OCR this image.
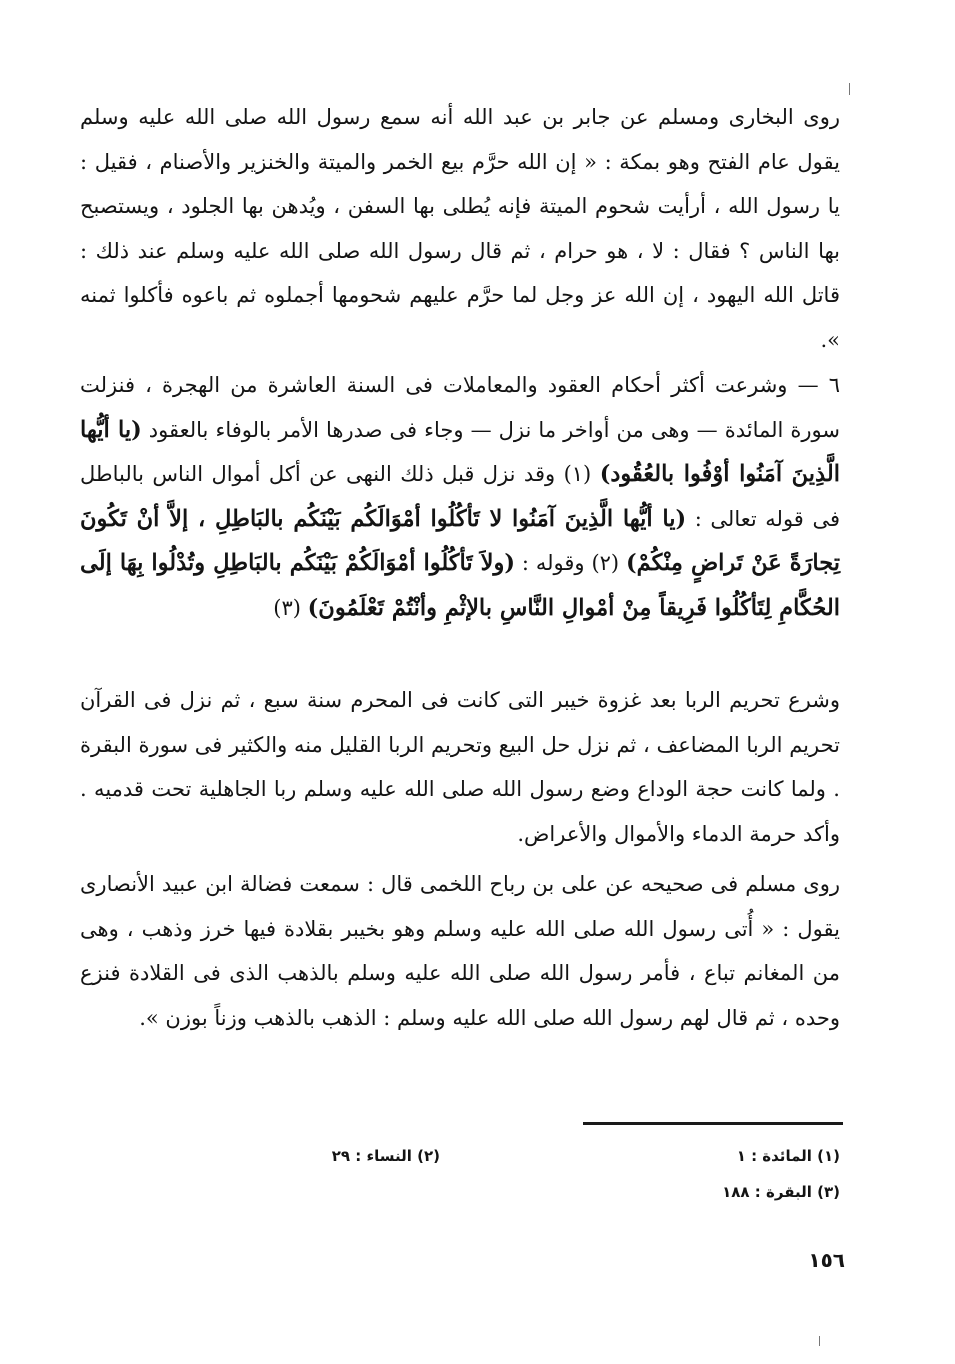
روى البخارى ومسلم عن جابر بن عبد الله أنه سمع رسول الله صلى الله عليه وسلم يقول عام الفتح وهو بمكة : « إن الله حرَّم بيع الخمر والميتة والخنزير والأصنام ، فقيل : يا رسول الله ، أرأيت شحوم الميتة فإنه يُطلى بها السفن ، ويُدهن بها الجلود ، ويستصبح بها الناس ؟ فقال : لا ، هو حرام ، ثم قال رسول الله صلى الله عليه وسلم عند ذلك : قاتل الله اليهود ، إن الله عز وجل لما حرَّم عليهم شحومها أجملوه ثم باعوه فأكلوا ثمنه ».

٦ — وشرعت أكثر أحكام العقود والمعاملات فى السنة العاشرة من الهجرة ، فنزلت سورة المائدة — وهى من أواخر ما نزل — وجاء فى صدرها الأمر بالوفاء بالعقود (يا أيُّها الَّذِينَ آمَنُوا أوْفُوا بالعُقُود) (١) وقد نزل قبل ذلك النهى عن أكل أموال الناس بالباطل فى قوله تعالى : (يا أيُّها الَّذِينَ آمَنُوا لا تَأكُلُوا أمْوَالَكُم بَيْنَكُم بالبَاطِلِ ، إلاَّ أنْ تَكُونَ تِجارَةً عَنْ تَراضٍ مِنْكُمْ) (٢) وقوله : (ولاَ تَأكُلُوا أمْوَالَكُمْ بَيْنَكُم بالبَاطِلِ وتُدْلُوا بِهَا إلَى الحُكَّامِ لِتَأكُلُوا فَرِيقاً مِنْ أمْوالِ النَّاسِ بالإثْمِ وأنْتُمْ تَعْلَمُونَ) (٣)

وشرع تحريم الربا بعد غزوة خيبر التى كانت فى المحرم سنة سبع ، ثم نزل فى القرآن تحريم الربا المضاعف ، ثم نزل حل البيع وتحريم الربا القليل منه والكثير فى سورة البقرة . ولما كانت حجة الوداع وضع رسول الله صلى الله عليه وسلم ربا الجاهلية تحت قدميه . وأكد حرمة الدماء والأموال والأعراض.

روى مسلم فى صحيحه عن على بن رباح اللخمى قال : سمعت فضالة ابن عبيد الأنصارى يقول : « أُتى رسول الله صلى الله عليه وسلم وهو بخيبر بقلادة فيها خرز وذهب ، وهى من المغانم تباع ، فأمر رسول الله صلى الله عليه وسلم بالذهب الذى فى القلادة فنزع وحده ، ثم قال لهم رسول الله صلى الله عليه وسلم : الذهب بالذهب وزناً بوزن ».

(١) المائدة : ١
(٢) النساء : ٢٩
(٣) البقرة : ١٨٨
١٥٦
